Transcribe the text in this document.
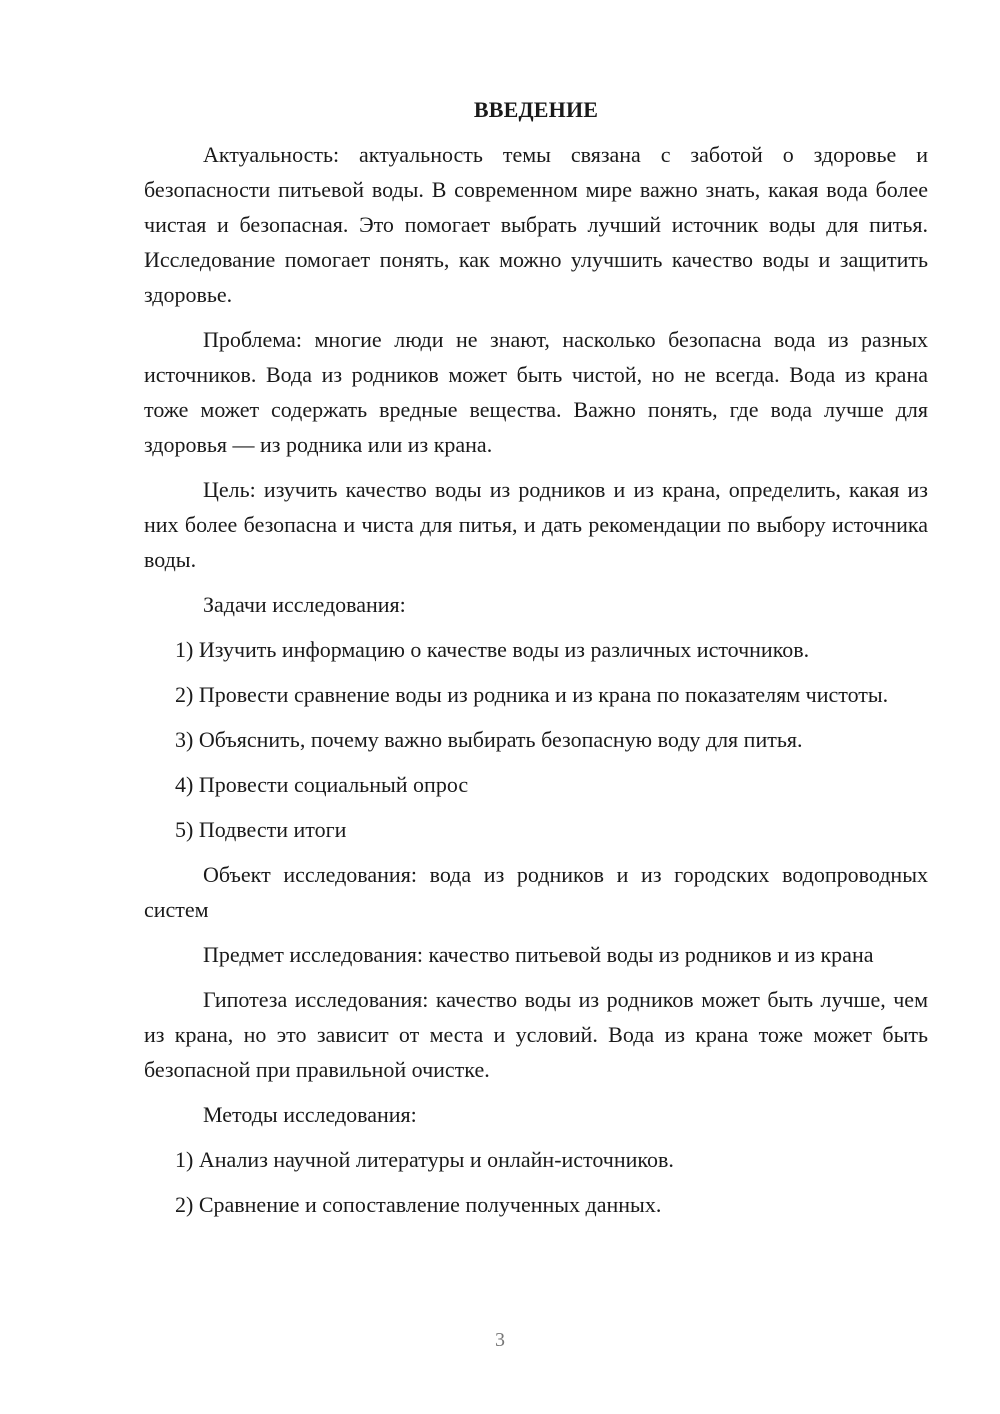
ВВЕДЕНИЕ

Актуальность: актуальность темы связана с заботой о здоровье и безопасности питьевой воды. В современном мире важно знать, какая вода более чистая и безопасная. Это помогает выбрать лучший источник воды для питья. Исследование помогает понять, как можно улучшить качество воды и защитить здоровье.

Проблема: многие люди не знают, насколько безопасна вода из разных источников. Вода из родников может быть чистой, но не всегда. Вода из крана тоже может содержать вредные вещества. Важно понять, где вода лучше для здоровья — из родника или из крана.

Цель: изучить качество воды из родников и из крана, определить, какая из них более безопасна и чиста для питья, и дать рекомендации по выбору источника воды.

Задачи исследования:

1) Изучить информацию о качестве воды из различных источников.

2) Провести сравнение воды из родника и из крана по показателям чистоты.

3) Объяснить, почему важно выбирать безопасную воду для питья.

4) Провести социальный опрос

5) Подвести итоги

Объект исследования: вода из родников и из городских водопроводных систем

Предмет исследования: качество питьевой воды из родников и из крана

Гипотеза исследования: качество воды из родников может быть лучше, чем из крана, но это зависит от места и условий. Вода из крана тоже может быть безопасной при правильной очистке.

Методы исследования:

1) Анализ научной литературы и онлайн-источников.

2) Сравнение и сопоставление полученных данных.

3
